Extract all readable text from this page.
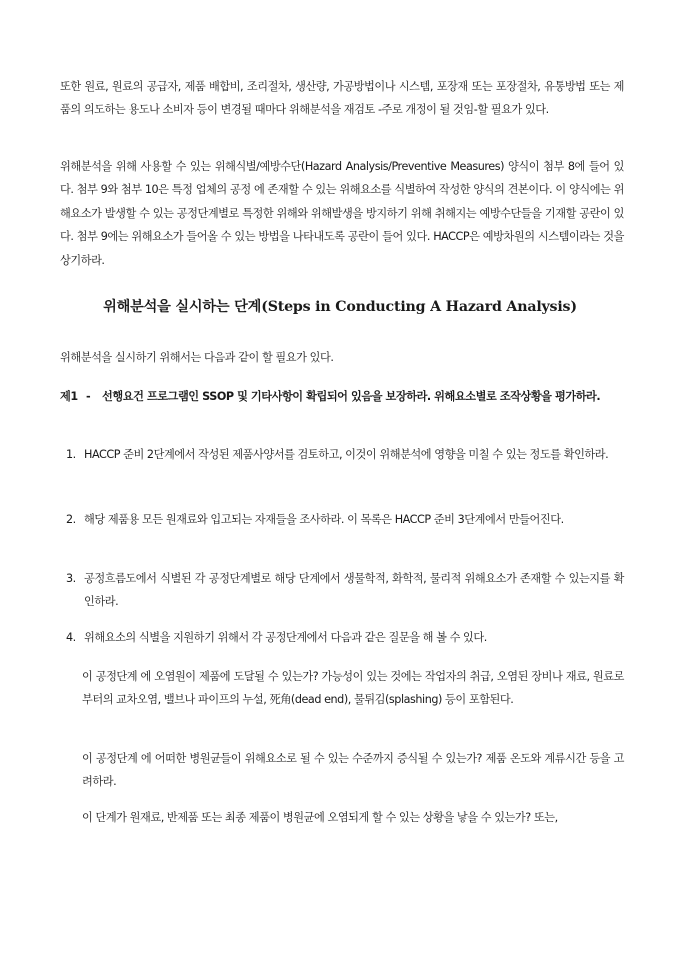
또한 원료, 원료의 공급자, 제품 배합비, 조리절차, 생산량, 가공방법이나 시스템, 포장재 또는 포장절차, 유통방법 또는 제품의 의도하는 용도나 소비자 등이 변경될 때마다 위해분석을 재검토 -주로 개정이 될 것임-할 필요가 있다.

위해분석을 위해 사용할 수 있는 위해식별/예방수단(Hazard Analysis/Preventive Measures) 양식이 첨부 8에 들어 있다. 첨부 9와 첨부 10은 특정 업체의 공정 에 존재할 수 있는 위해요소를 식별하여 작성한 양식의 견본이다. 이 양식에는 위해요소가 발생할 수 있는 공정단계별로 특정한 위해와 위해발생을 방지하기 위해 취해지는 예방수단들을 기재할 공란이 있다. 첨부 9에는 위해요소가 들어올 수 있는 방법을 나타내도록 공란이 들어 있다. HACCP은 예방차원의 시스템이라는 것을 상기하라.

위해분석을 실시하는 단계(Steps in Conducting A Hazard Analysis)

위해분석을 실시하기 위해서는 다음과 같이 할 필요가 있다.

제1 -	선행요건 프로그램인 SSOP 및 기타사항이 확립되어 있음을 보장하라. 위해요소별로 조작상황을 평가하라.
1. HACCP 준비 2단계에서 작성된 제품사양서를 검토하고, 이것이 위해분석에 영향을 미칠 수 있는 정도를 확인하라.
2. 해당 제품용 모든 원재료와 입고되는 자재들을 조사하라. 이 목록은 HACCP 준비 3단계에서 만들어진다.
3. 공정흐름도에서 식별된 각 공정단계별로 해당 단계에서 생물학적, 화학적, 물리적 위해요소가 존재할 수 있는지를 확인하라.
4. 위해요소의 식별을 지원하기 위해서 각 공정단계에서 다음과 같은 질문을 해 볼 수 있다.

이 공정단계 에 오염원이 제품에 도달될 수 있는가? 가능성이 있는 것에는 작업자의 취급, 오염된 장비나 재료, 원료로부터의 교차오염, 밸브나 파이프의 누설, 死角(dead end), 물튀김(splashing) 등이 포함된다.

이 공정단계 에 어떠한 병원균들이 위해요소로 될 수 있는 수준까지 증식될 수 있는가? 제품 온도와 계류시간 등을 고려하라.

이 단계가 원재료, 반제품 또는 최종 제품이 병원균에 오염되게 할 수 있는 상황을 낳을 수 있는가? 또는,
